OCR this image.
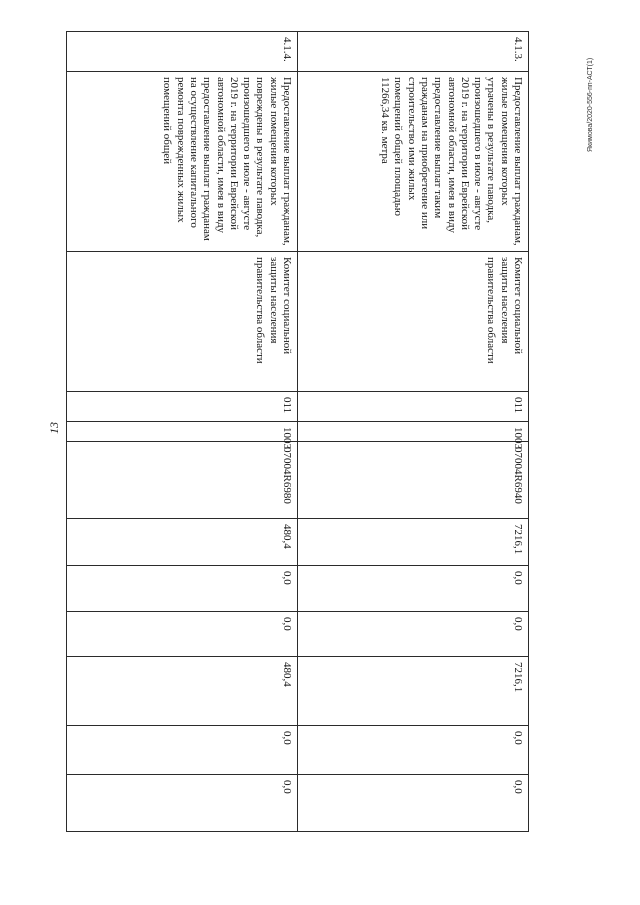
13
Якимова/2020-556-пп-АСТ(1)
4.1.3.	Предоставление выплат гражданам, жилые помещения которых утрачены в результате паводка, произошедшего в июле - августе 2019 г. на территории Еврейской автономной области, имея в виду предоставление выплат таким гражданам на приобретение или строительство ими жилых помещений общей площадью 11266,34 кв. метра	Комитет социальной защиты населения правительства области	011	1003	07004R6940	7216,1	0,0	0,0	7216,1	0,0	0,0
4.1.4.	Предоставление выплат гражданам, жилые помещения которых повреждены в результате паводка, произошедшего в июле - августе 2019 г. на территории Еврейской автономной области, имея в виду предоставление выплат гражданам на осуществление капитального ремонта поврежденных жилых помещений общей	Комитет социальной защиты населения правительства области	011	1003	07004R6980	480,4	0,0	0,0	480,4	0,0	0,0
